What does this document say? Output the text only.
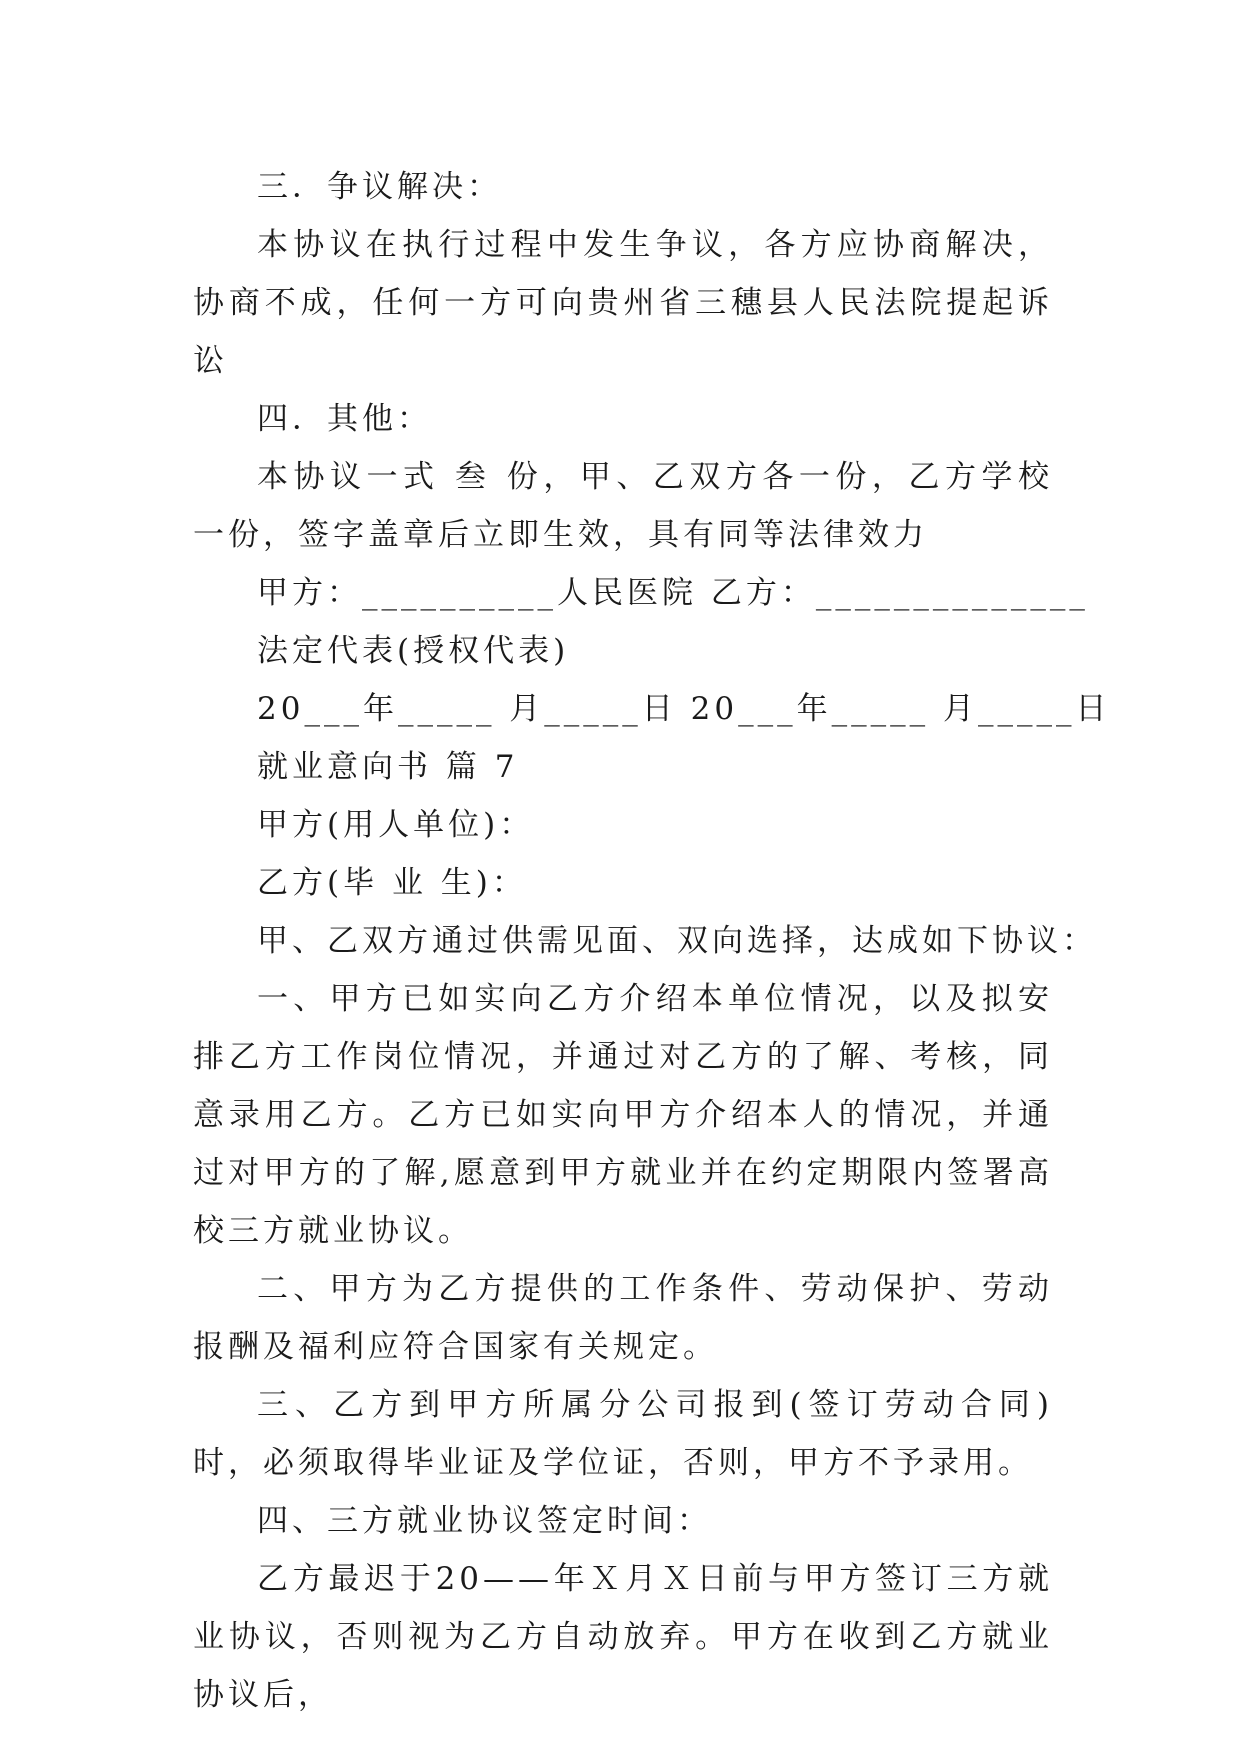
三．争议解决：

本协议在执行过程中发生争议，各方应协商解决，协商不成，任何一方可向贵州省三穗县人民法院提起诉讼

四．其他：

本协议一式 叁 份，甲、乙双方各一份，乙方学校一份，签字盖章后立即生效，具有同等法律效力

甲方：__________人民医院 乙方：______________

法定代表(授权代表)

20___年_____ 月_____日 20___年_____ 月_____日

就业意向书 篇 7

甲方(用人单位)：

乙方(毕 业 生)：

甲、乙双方通过供需见面、双向选择，达成如下协议：

一、甲方已如实向乙方介绍本单位情况，以及拟安排乙方工作岗位情况，并通过对乙方的了解、考核，同意录用乙方。乙方已如实向甲方介绍本人的情况，并通过对甲方的了解,愿意到甲方就业并在约定期限内签署高校三方就业协议。

二、甲方为乙方提供的工作条件、劳动保护、劳动报酬及福利应符合国家有关规定。

三、乙方到甲方所属分公司报到(签订劳动合同)时，必须取得毕业证及学位证，否则，甲方不予录用。

四、三方就业协议签定时间：

乙方最迟于20——年Ｘ月Ｘ日前与甲方签订三方就业协议，否则视为乙方自动放弃。甲方在收到乙方就业协议后，
